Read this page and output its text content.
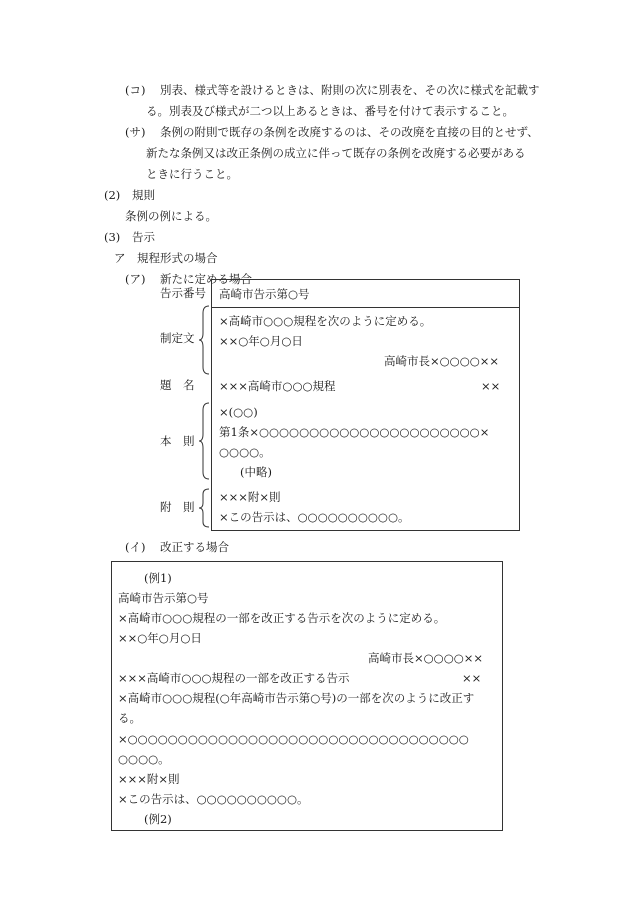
(コ) 別表、様式等を設けるときは、附則の次に別表を、その次に様式を記載す
る。別表及び様式が二つ以上あるときは、番号を付けて表示すること。
(サ) 条例の附則で既存の条例を改廃するのは、その改廃を直接の目的とせず、
新たな条例又は改正条例の成立に伴って既存の条例を改廃する必要がある
ときに行うこと。
(2) 規則
条例の例による。
(3) 告示
ア　規程形式の場合
(ア) 新たに定める場合
告示番号
制定文
題　名
本　則
附　則
高崎市告示第○号
×高崎市○○○規程を次のように定める。
××○年○月○日
高崎市長×○○○○××
×××高崎市○○○規程	××
×(○○)
第1条×○○○○○○○○○○○○○○○○○○○○○○×
○○○○。
(中略)
×××附×則
×この告示は、○○○○○○○○○○。
(イ) 改正する場合
(例1)
高崎市告示第○号
×高崎市○○○規程の一部を改正する告示を次のように定める。
××○年○月○日
高崎市長×○○○○××
×××高崎市○○○規程の一部を改正する告示	××
×高崎市○○○規程(○年高崎市告示第○号)の一部を次のように改正す
る。
×○○○○○○○○○○○○○○○○○○○○○○○○○○○○○○○○○○
○○○○。
×××附×則
×この告示は、○○○○○○○○○○。
(例2)
